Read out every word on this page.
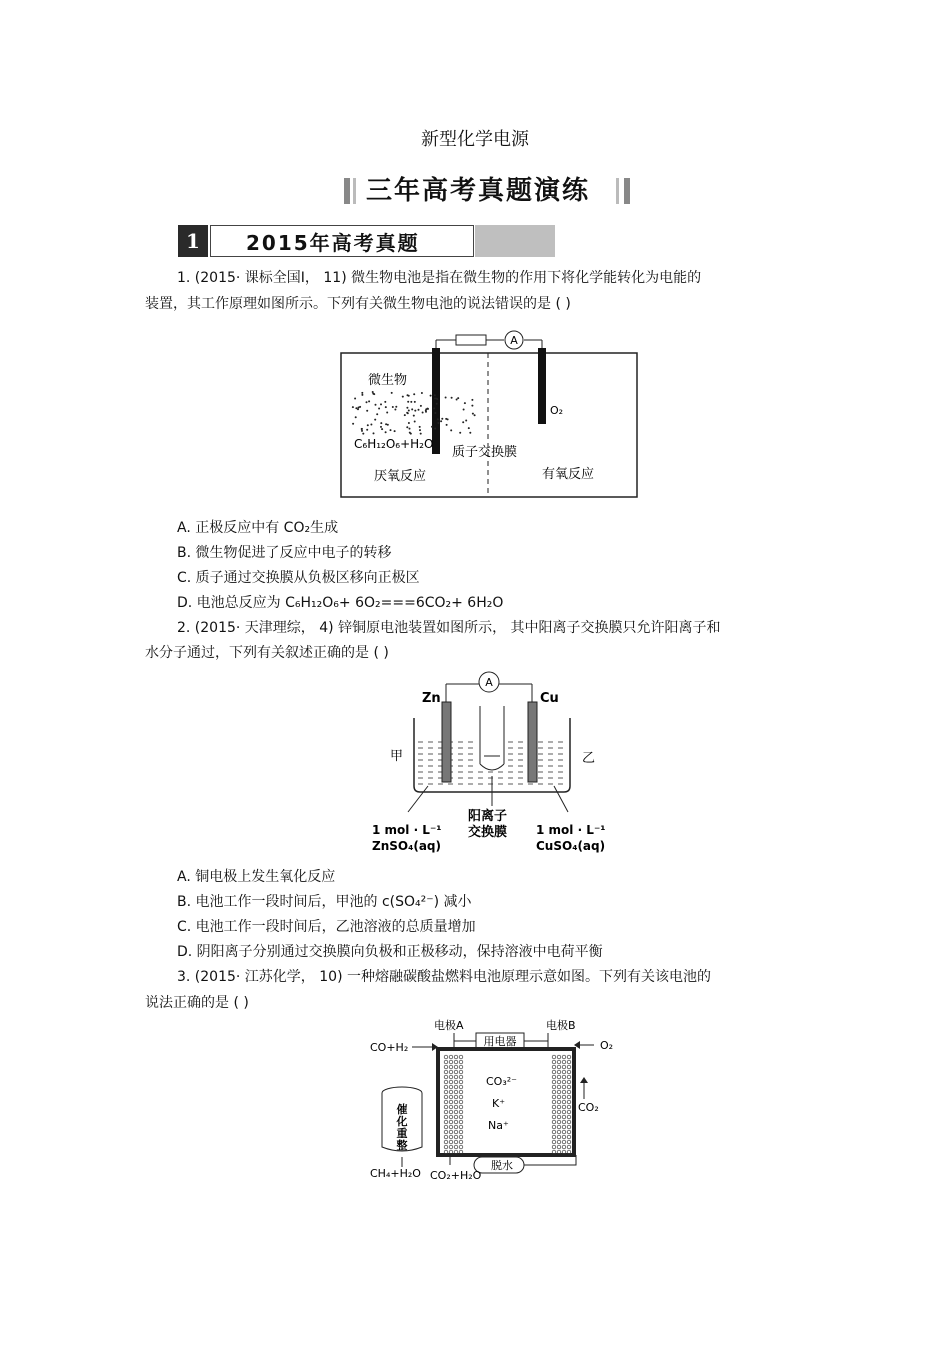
新型化学电源
三年高考真题演练
1	2015年高考真题
1. (2015· 课标全国Ⅰ， 11) 微生物电池是指在微生物的作用下将化学能转化为电能的
装置，其工作原理如图所示。下列有关微生物电池的说法错误的是 ( )
A
微生物
C₆H₁₂O₆+H₂O
质子交换膜
O₂
厌氧反应	有氧反应
A. 正极反应中有 CO₂生成
B. 微生物促进了反应中电子的转移
C. 质子通过交换膜从负极区移向正极区
D. 电池总反应为 C₆H₁₂O₆+ 6O₂===6CO₂+ 6H₂O
2. (2015· 天津理综， 4) 锌铜原电池装置如图所示， 其中阳离子交换膜只允许阳离子和
水分子通过，下列有关叙述正确的是 ( )
A
Zn	Cu
甲	乙
阳离子
交换膜
1 mol · L⁻¹
ZnSO₄(aq)
1 mol · L⁻¹
CuSO₄(aq)
A. 铜电极上发生氧化反应
B. 电池工作一段时间后，甲池的 c(SO₄²⁻) 减小
C. 电池工作一段时间后，乙池溶液的总质量增加
D. 阴阳离子分别通过交换膜向负极和正极移动，保持溶液中电荷平衡
3. (2015· 江苏化学， 10) 一种熔融碳酸盐燃料电池原理示意如图。下列有关该电池的
说法正确的是 ( )
电极A	电极B
用电器
CO₃²⁻
K⁺
Na⁺
CO+H₂	O₂
CO₂
脱水
催
化
重
整
CH₄+H₂O CO₂+H₂O
